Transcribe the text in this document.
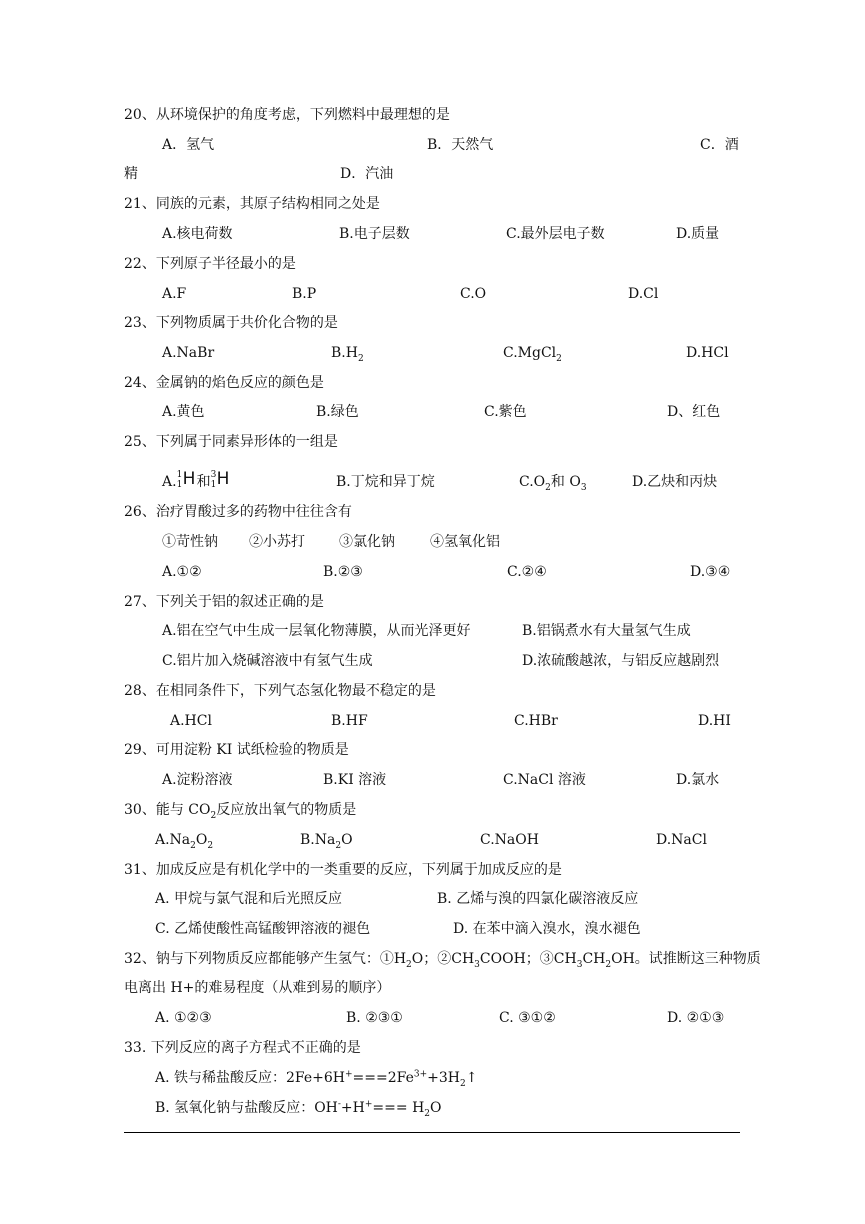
20、从环境保护的角度考虑，下列燃料中最理想的是
A．氢气	B．天然气	C．酒
精	D．汽油
21、同族的元素，其原子结构相同之处是
A.核电荷数	B.电子层数	C.最外层电子数	D.质量
22、下列原子半径最小的是
A.F	B.P	C.O	D.Cl
23、下列物质属于共价化合物的是
A.NaBr	$B.H_2$	C.MgCl$_2$	D.HCl
24、金属钠的焰色反应的颜色是
A.黄色	B.绿色	C.紫色	D、红色
25、下列属于同素异形体的一组是
A. 1
1 H 和 3
1 H	B.丁烷和异丁烷	$C.O_2$和 $O_3$	D.乙炔和丙炔
26、治疗胃酸过多的药物中往往含有
①苛性钠 ②小苏打 ③氯化钠	④氢氧化铝
A.①②	B.②③	C.②④	D.③④
27、下列关于铝的叙述正确的是
A.铝在空气中生成一层氧化物薄膜，从而光泽更好	B.铝锅煮水有大量氢气生成
C.铝片加入烧碱溶液中有氢气生成	D.浓硫酸越浓，与铝反应越剧烈
28、在相同条件下，下列气态氢化物最不稳定的是
A.HCl	B.HF	C.HBr	D.HI
29、可用淀粉 KI 试纸检验的物质是
A.淀粉溶液	B.KI 溶液	C.NaCl 溶液	D.氯水
30、能与 $CO_2$反应放出氧气的物质是
$A.Na_2O_2$	$B.Na_2O$	C.NaOH	D.NaCl
31、加成反应是有机化学中的一类重要的反应，下列属于加成反应的是
A. 甲烷与氯气混和后光照反应	B. 乙烯与溴的四氯化碳溶液反应
C. 乙烯使酸性高锰酸钾溶液的褪色	D. 在苯中滴入溴水，溴水褪色
32、钠与下列物质反应都能够产生氢气：$①H_2O$；$②CH_3COOH$；$③CH_3CH_2OH$。试推断这三种物质
电离出 H+的难易程度（从难到易的顺序）
A. ①②③	B. ②③①	C. ③①②	D. ②①③
33. 下列反应的离子方程式不正确的是
A. 铁与稀盐酸反应：$2Fe+6H^+===2Fe^{3+}+3H_2↑$
B. 氢氧化钠与盐酸反应：$OH^-+H^+=== H_2O$
